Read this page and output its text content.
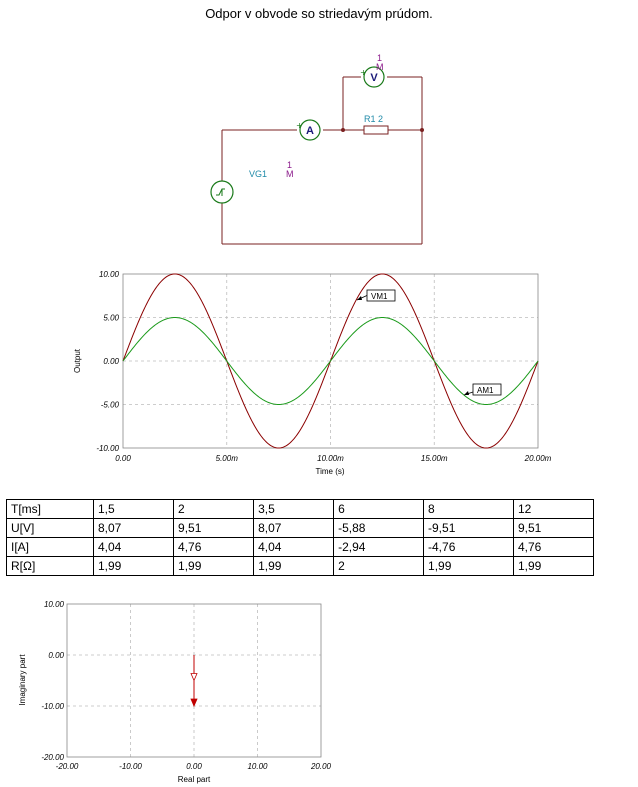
Odpor v obvode so striedavým prúdom.
A
+
V
+
1
M
R1 2
VG1
1
M
0.00	5.00m	10.00m	15.00m	20.00m
10.00
5.00
0.00
-5.00
-10.00
VM1
AM1
Time (s)
Output
T[ms]	1,5	2	3,5	6	8	12
U[V]	8,07	9,51	8,07	-5,88	-9,51	9,51
I[A]	4,04	4,76	4,04	-2,94	-4,76	4,76
R[Ω]	1,99	1,99	1,99	2	1,99	1,99
-20.00	-10.00	0.00	10.00	20.00
10.00
0.00
-10.00
-20.00
Real part
Imaginary part
